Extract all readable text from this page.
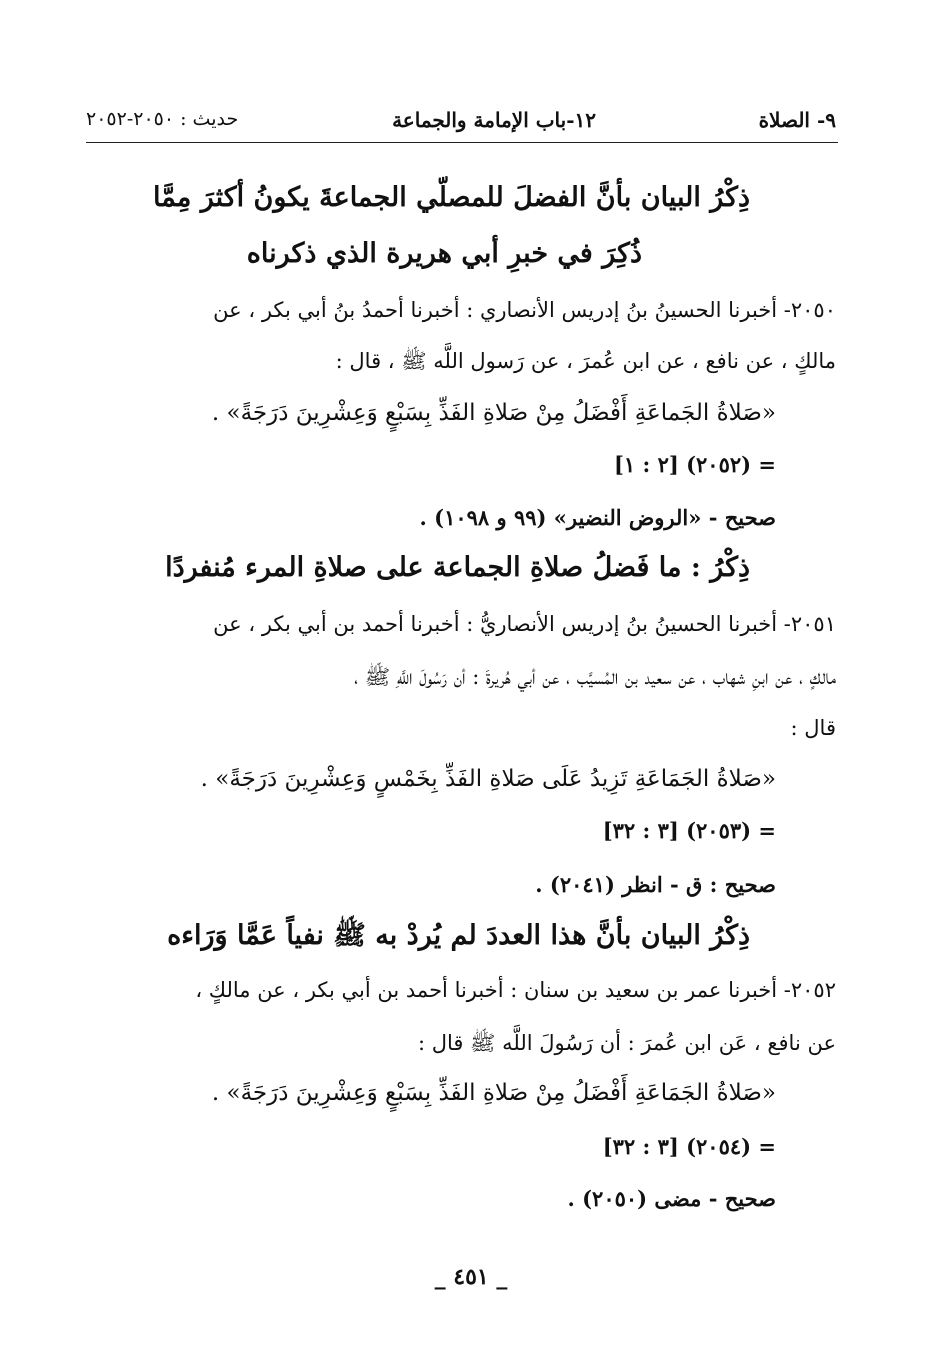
٩- الصلاة
١٢-باب الإمامة والجماعة
حديث : ٢٠٥٠-٢٠٥٢
ذِكْرُ البيان بأنَّ الفضلَ للمصلّي الجماعةَ يكونُ أكثرَ مِمَّا
ذُكِرَ في خبرِ أبي هريرة الذي ذكرناه
٢٠٥٠- أخبرنا الحسينُ بنُ إدريس الأنصاري : أخبرنا أحمدُ بنُ أبي بكر ، عن
مالكٍ ، عن نافع ، عن ابن عُمرَ ، عن رَسول اللَّه ﷺ ، قال :
«صَلاةُ الجَماعَةِ أَفْضَلُ مِنْ صَلاةِ الفَذِّ بِسَبْعٍ وَعِشْرِينَ دَرَجَةً» .
= (٢٠٥٢) [٢ : ١]
صحيح - «الروض النضير» (٩٩ و ١٠٩٨) .
ذِكْرُ : ما فَضلُ صلاةِ الجماعة على صلاةِ المرء مُنفردًا
٢٠٥١- أخبرنا الحسينُ بنُ إدريس الأنصاريُّ : أخبرنا أحمد بن أبي بكر ، عن
مالكٍ ، عن ابنِ شهاب ، عن سعيد بن المُسيَّب ، عن أبي هُريرةَ : أن رَسُولَ اللَّهِ ﷺ ،
قال :
«صَلاةُ الجَمَاعَةِ تَزِيدُ عَلَى صَلاةِ الفَذِّ بِخَمْسٍ وَعِشْرِينَ دَرَجَةً» .
= (٢٠٥٣) [٣ : ٣٢]
صحيح : ق - انظر (٢٠٤١) .
ذِكْرُ البيان بأنَّ هذا العددَ لم يُردْ به ﷺ نفياً عَمَّا وَرَاءه
٢٠٥٢- أخبرنا عمر بن سعيد بن سنان : أخبرنا أحمد بن أبي بكر ، عن مالكٍ ،
عن نافع ، عَن ابن عُمرَ : أن رَسُولَ اللَّه ﷺ قال :
«صَلاةُ الجَمَاعَةِ أَفْضَلُ مِنْ صَلاةِ الفَذِّ بِسَبْعٍ وَعِشْرِينَ دَرَجَةً» .
= (٢٠٥٤) [٣ : ٣٢]
صحيح - مضى (٢٠٥٠) .
_ ٤٥١ _
